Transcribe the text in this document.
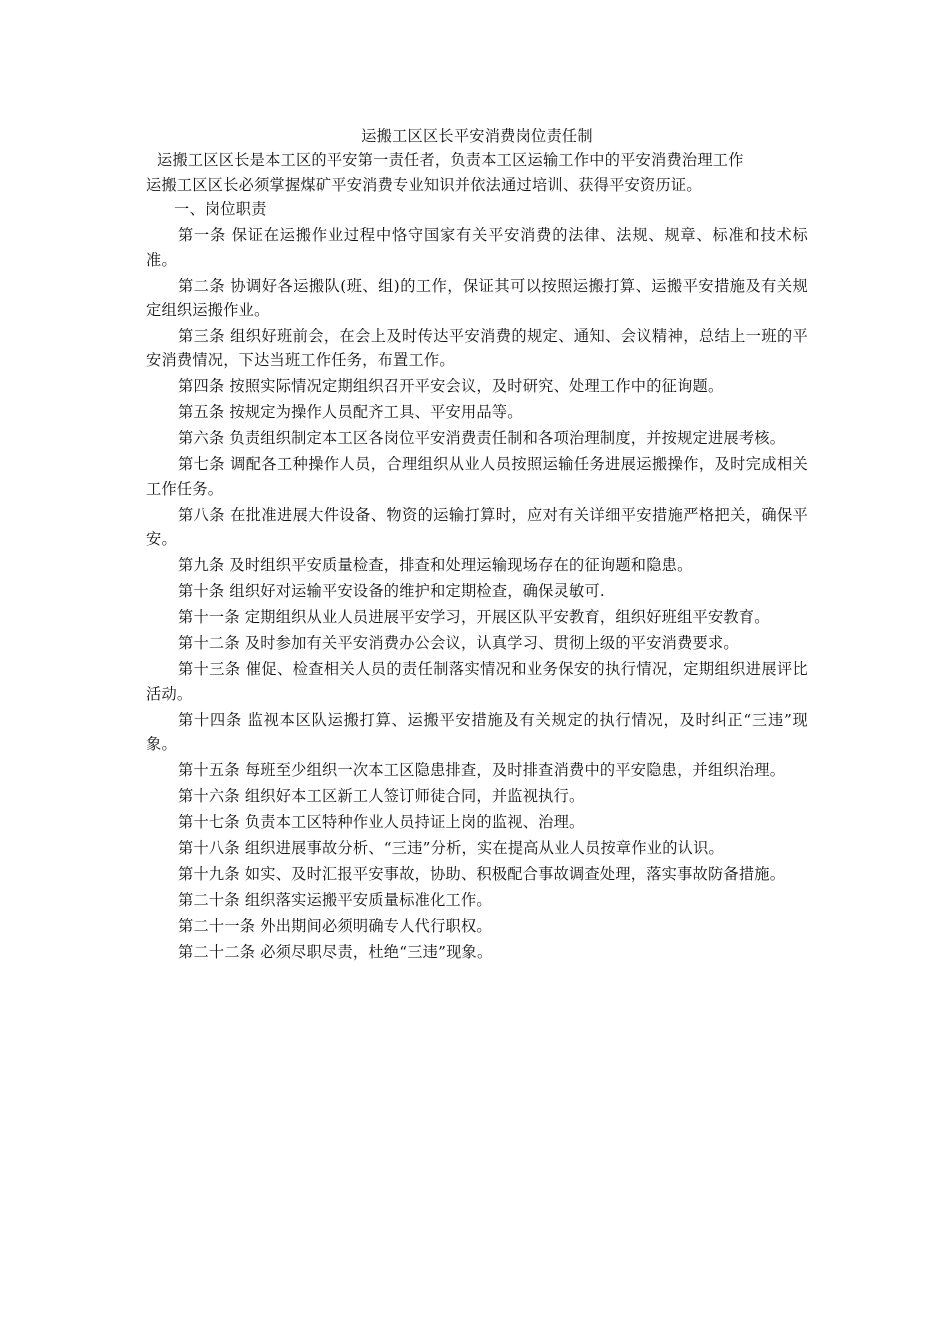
运搬工区区长平安消费岗位责任制

运搬工区区长是本工区的平安第一责任者，负责本工区运输工作中的平安消费治理工作
运搬工区区长必须掌握煤矿平安消费专业知识并依法通过培训、获得平安资历证。

一、岗位职责

第一条 保证在运搬作业过程中恪守国家有关平安消费的法律、法规、规章、标准和技术标准。

第二条 协调好各运搬队(班、组)的工作，保证其可以按照运搬打算、运搬平安措施及有关规定组织运搬作业。

第三条 组织好班前会，在会上及时传达平安消费的规定、通知、会议精神，总结上一班的平安消费情况，下达当班工作任务，布置工作。

第四条 按照实际情况定期组织召开平安会议，及时研究、处理工作中的征询题。

第五条 按规定为操作人员配齐工具、平安用品等。

第六条 负责组织制定本工区各岗位平安消费责任制和各项治理制度，并按规定进展考核。

第七条 调配各工种操作人员，合理组织从业人员按照运输任务进展运搬操作，及时完成相关工作任务。

第八条 在批准进展大件设备、物资的运输打算时，应对有关详细平安措施严格把关，确保平安。

第九条 及时组织平安质量检查，排查和处理运输现场存在的征询题和隐患。

第十条 组织好对运输平安设备的维护和定期检查，确保灵敏可.

第十一条 定期组织从业人员进展平安学习，开展区队平安教育，组织好班组平安教育。

第十二条 及时参加有关平安消费办公会议，认真学习、贯彻上级的平安消费要求。

第十三条 催促、检查相关人员的责任制落实情况和业务保安的执行情况，定期组织进展评比活动。

第十四条 监视本区队运搬打算、运搬平安措施及有关规定的执行情况，及时纠正“三违”现象。

第十五条 每班至少组织一次本工区隐患排查，及时排查消费中的平安隐患，并组织治理。

第十六条 组织好本工区新工人签订师徒合同，并监视执行。

第十七条 负责本工区特种作业人员持证上岗的监视、治理。

第十八条 组织进展事故分析、“三违”分析，实在提高从业人员按章作业的认识。

第十九条 如实、及时汇报平安事故，协助、积极配合事故调查处理，落实事故防备措施。

第二十条 组织落实运搬平安质量标准化工作。

第二十一条 外出期间必须明确专人代行职权。

第二十二条 必须尽职尽责，杜绝“三违”现象。
